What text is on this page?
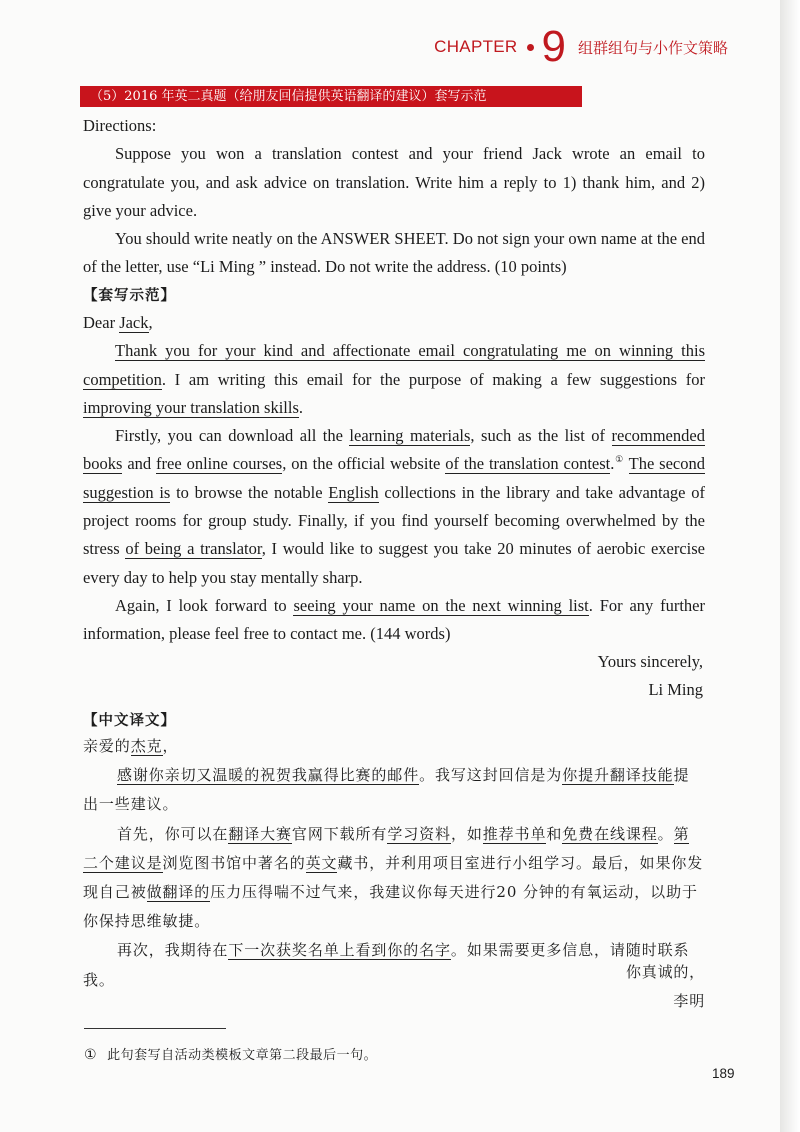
CHAPTER 9 组群组句与小作文策略
（5）2016 年英二真题（给朋友回信提供英语翻译的建议）套写示范

Directions:

Suppose you won a translation contest and your friend Jack wrote an email to congratulate you, and ask advice on translation. Write him a reply to 1) thank him, and 2) give your advice.

You should write neatly on the ANSWER SHEET. Do not sign your own name at the end of the letter, use “Li Ming ” instead. Do not write the address. (10 points)

【套写示范】

Dear Jack,

Thank you for your kind and affectionate email congratulating me on winning this competition. I am writing this email for the purpose of making a few suggestions for improving your translation skills.

Firstly, you can download all the learning materials, such as the list of recommended books and free online courses, on the official website of the translation contest.① The second suggestion is to browse the notable English collections in the library and take advantage of project rooms for group study. Finally, if you find yourself becoming overwhelmed by the stress of being a translator, I would like to suggest you take 20 minutes of aerobic exercise every day to help you stay mentally sharp.

Again, I look forward to seeing your name on the next winning list. For any further information, please feel free to contact me. (144 words)

Yours sincerely,
Li Ming
【中文译文】

亲爱的杰克，

感谢你亲切又温暖的祝贺我赢得比赛的邮件。我写这封回信是为你提升翻译技能提出一些建议。

首先，你可以在翻译大赛官网下载所有学习资料，如推荐书单和免费在线课程。第二个建议是浏览图书馆中著名的英文藏书，并利用项目室进行小组学习。最后，如果你发现自己被做翻译的压力压得喘不过气来，我建议你每天进行20 分钟的有氧运动，以助于你保持思维敏捷。

再次，我期待在下一次获奖名单上看到你的名字。如果需要更多信息，请随时联系我。	你真诚的，
李明
① 此句套写自活动类模板文章第二段最后一句。
189
